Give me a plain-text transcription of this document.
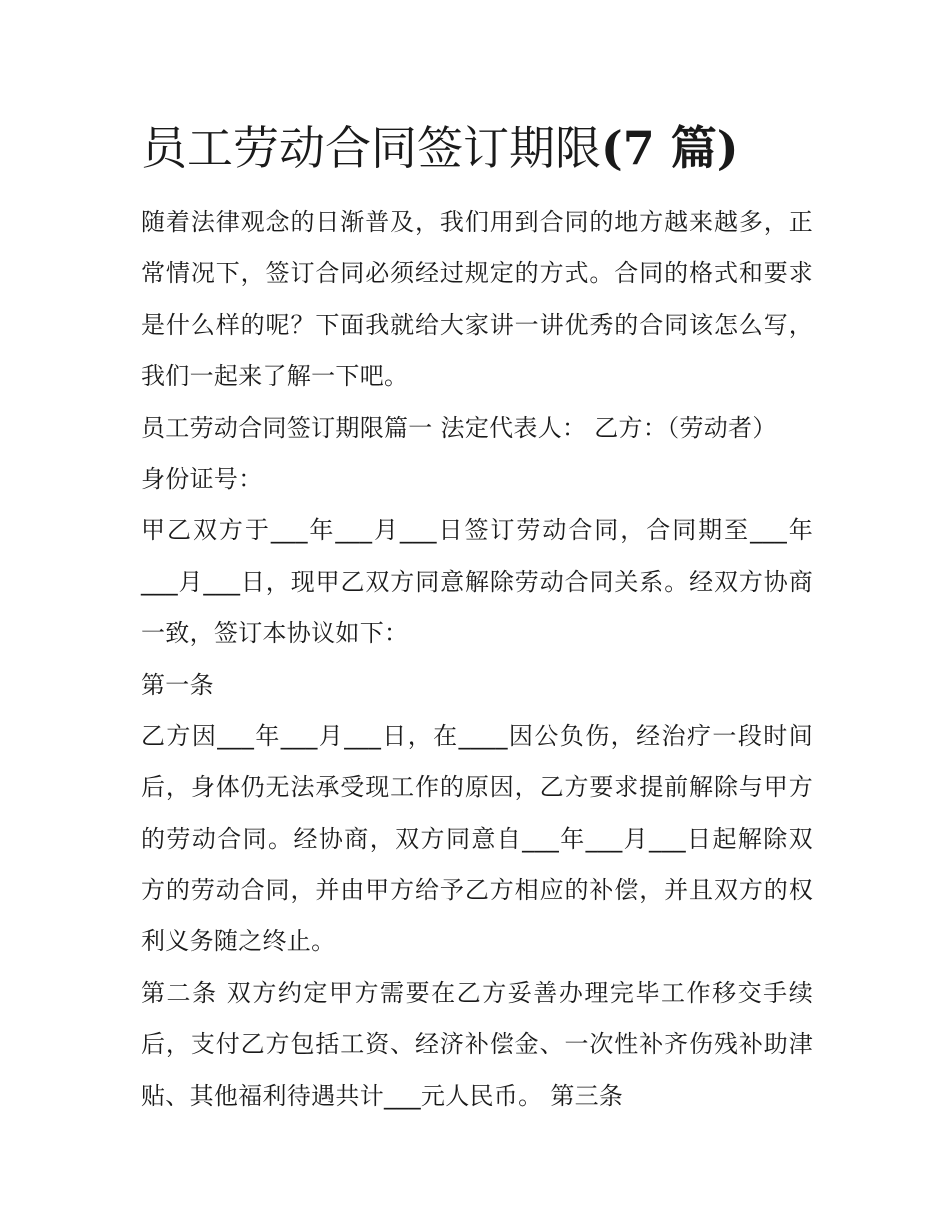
员工劳动合同签订期限(7 篇)
随着法律观念的日渐普及，我们用到合同的地方越来越多，正
常情况下，签订合同必须经过规定的方式。合同的格式和要求
是什么样的呢？下面我就给大家讲一讲优秀的合同该怎么写，
我们一起来了解一下吧。
员工劳动合同签订期限篇一 法定代表人： 乙方：（劳动者）
身份证号：
甲乙双方于___年___月___日签订劳动合同，合同期至___年
___月___日，现甲乙双方同意解除劳动合同关系。经双方协商
一致，签订本协议如下：
第一条
乙方因___年___月___日，在____因公负伤，经治疗一段时间
后，身体仍无法承受现工作的原因，乙方要求提前解除与甲方
的劳动合同。经协商，双方同意自___年___月___日起解除双
方的劳动合同，并由甲方给予乙方相应的补偿，并且双方的权
利义务随之终止。
第二条 双方约定甲方需要在乙方妥善办理完毕工作移交手续
后，支付乙方包括工资、经济补偿金、一次性补齐伤残补助津
贴、其他福利待遇共计___元人民币。 第三条
